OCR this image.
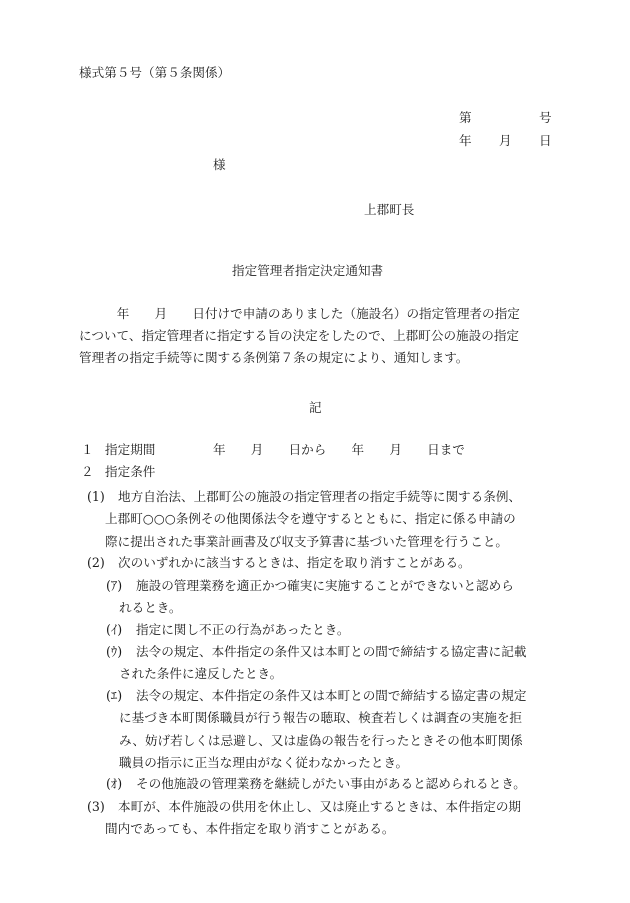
様式第５号（第５条関係）
第	号
年 月 日
様
上郡町長
指定管理者指定決定通知書
　　　年　　月　　日付けで申請のありました（施設名）の指定管理者の指定
について、指定管理者に指定する旨の決定をしたので、上郡町公の施設の指定
管理者の指定手続等に関する条例第７条の規定により、通知します。
記
１ 指定期間	年　　月　　日から　　年　　月　　日まで
２ 指定条件
(1) 地方自治法、上郡町公の施設の指定管理者の指定手続等に関する条例、
上郡町○○○条例その他関係法令を遵守するとともに、指定に係る申請の
際に提出された事業計画書及び収支予算書に基づいた管理を行うこと。
(2) 次のいずれかに該当するときは、指定を取り消すことがある。
(ｱ) 施設の管理業務を適正かつ確実に実施することができないと認めら
れるとき。
(ｲ) 指定に関し不正の行為があったとき。
(ｳ) 法令の規定、本件指定の条件又は本町との間で締結する協定書に記載
された条件に違反したとき。
(ｴ) 法令の規定、本件指定の条件又は本町との間で締結する協定書の規定
に基づき本町関係職員が行う報告の聴取、検査若しくは調査の実施を拒
み、妨げ若しくは忌避し、又は虚偽の報告を行ったときその他本町関係
職員の指示に正当な理由がなく従わなかったとき。
(ｵ) その他施設の管理業務を継続しがたい事由があると認められるとき。
(3) 本町が、本件施設の供用を休止し、又は廃止するときは、本件指定の期
間内であっても、本件指定を取り消すことがある。
